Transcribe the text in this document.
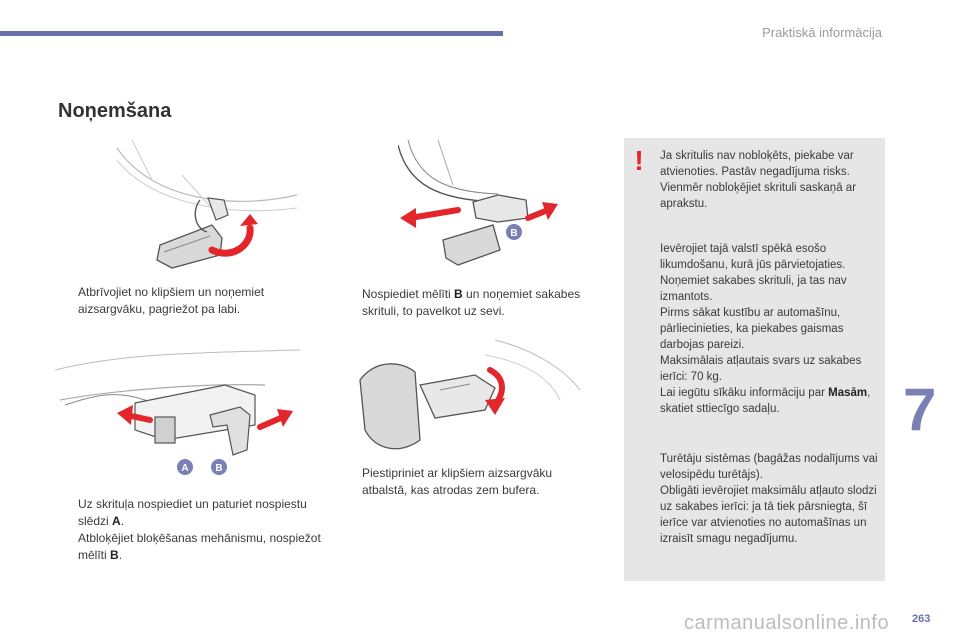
Praktiskā informācija
Noņemšana
B
A	B
Atbrīvojiet no klipšiem un noņemiet aizsargvāku, pagriežot pa labi.
Nospiediet mēlīti B un noņemiet sakabes skrituli, to pavelkot uz sevi.
Uz skrituļa nospiediet un paturiet nospiestu slēdzi A.
Atbloķējiet bloķēšanas mehānismu, nospiežot mēlīti B.
Piestipriniet ar klipšiem aizsargvāku atbalstā, kas atrodas zem bufera.
! Ja skritulis nav nobloķēts, piekabe var atvienoties. Pastāv negadījuma risks. Vienmēr nobloķējiet skrituli saskaņā ar aprakstu.

Ievērojiet tajā valstī spēkā esošo likumdošanu, kurā jūs pārvietojaties. Noņemiet sakabes skrituli, ja tas nav izmantots.

Pirms sākat kustību ar automašīnu, pārliecinieties, ka piekabes gaismas darbojas pareizi.

Maksimālais atļautais svars uz sakabes ierīci: 70 kg.

Lai iegūtu sīkāku informāciju par Masām, skatiet sttiecīgo sadaļu.

Turētāju sistēmas (bagāžas nodalījums vai velosipēdu turētājs).

Obligāti ievērojiet maksimālu atļauto slodzi uz sakabes ierīci: ja tā tiek pārsniegta, šī ierīce var atvienoties no automašīnas un izraisīt smagu negadījumu.

7
carmanualsonline.info 263
